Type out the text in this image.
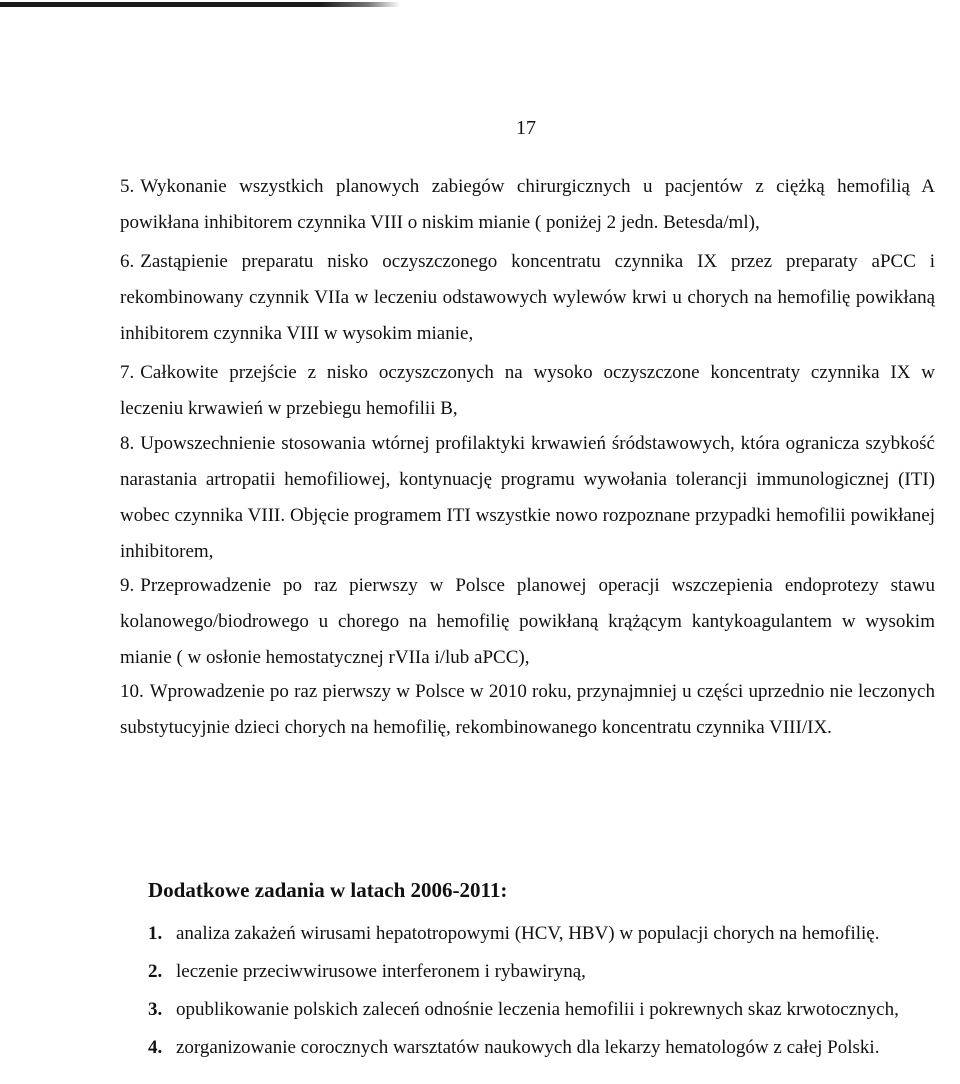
17
5. Wykonanie wszystkich planowych zabiegów chirurgicznych u pacjentów z ciężką hemofilią A powikłana inhibitorem czynnika VIII o niskim mianie ( poniżej 2 jedn. Betesda/ml),
6. Zastąpienie preparatu nisko oczyszczonego koncentratu czynnika IX przez preparaty aPCC i rekombinowany czynnik VIIa w leczeniu odstawowych wylewów krwi u chorych na hemofilię powikłaną inhibitorem czynnika VIII w wysokim mianie,
7. Całkowite przejście z nisko oczyszczonych na wysoko oczyszczone koncentraty czynnika IX w leczeniu krwawień w przebiegu hemofilii B,
8. Upowszechnienie stosowania wtórnej profilaktyki krwawień śródstawowych, która ogranicza szybkość narastania artropatii hemofiliowej, kontynuację programu wywołania tolerancji immunologicznej (ITI) wobec czynnika VIII. Objęcie programem ITI wszystkie nowo rozpoznane przypadki hemofilii powikłanej inhibitorem,
9. Przeprowadzenie po raz pierwszy w Polsce planowej operacji wszczepienia endoprotezy stawu kolanowego/biodrowego u chorego na hemofilię powikłaną krążącym kantykoagulantem w wysokim mianie ( w osłonie hemostatycznej rVIIa i/lub aPCC),
10. Wprowadzenie po raz pierwszy w Polsce w 2010 roku, przynajmniej u części uprzednio nie leczonych substytucyjnie dzieci chorych na hemofilię, rekombinowanego koncentratu czynnika VIII/IX.
Dodatkowe zadania w latach 2006-2011:
1. analiza zakażeń wirusami hepatotropowymi (HCV, HBV) w populacji chorych na hemofilię.
2. leczenie przeciwwirusowe interferonem i rybawiryną,
3. opublikowanie polskich zaleceń odnośnie leczenia hemofilii i pokrewnych skaz krwotocznych,
4. zorganizowanie corocznych warsztatów naukowych dla lekarzy hematologów z całej Polski.
